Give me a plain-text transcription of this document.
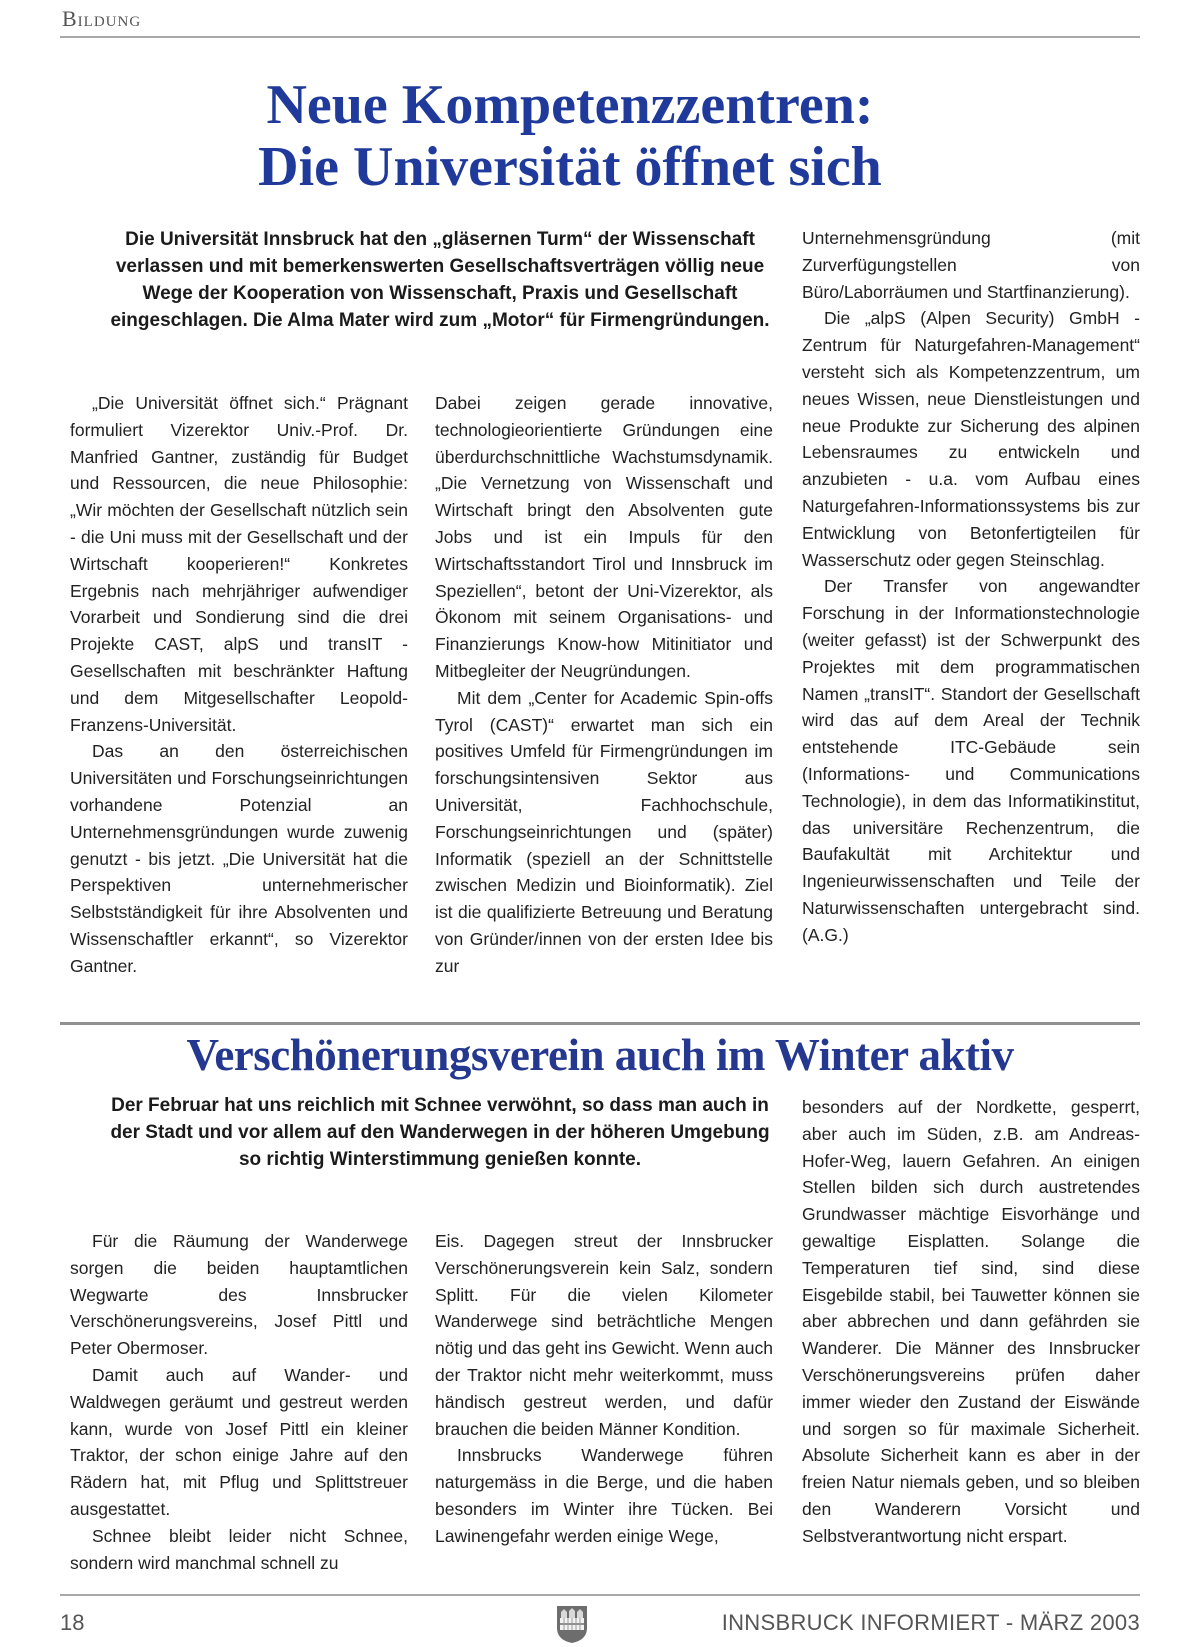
Bildung
Neue Kompetenzzentren:
Die Universität öffnet sich
Die Universität Innsbruck hat den „gläsernen Turm“ der Wissenschaft verlassen und mit bemerkenswerten Gesellschaftsverträgen völlig neue Wege der Kooperation von Wissenschaft, Praxis und Gesellschaft eingeschlagen. Die Alma Mater wird zum „Motor“ für Firmengründungen.

„Die Universität öffnet sich.“ Prägnant formuliert Vizerektor Univ.-Prof. Dr. Manfried Gantner, zuständig für Budget und Ressourcen, die neue Philosophie: „Wir möchten der Gesellschaft nützlich sein - die Uni muss mit der Gesellschaft und der Wirtschaft kooperieren!“ Konkretes Ergebnis nach mehrjähriger aufwendiger Vorarbeit und Sondierung sind die drei Projekte CAST, alpS und transIT - Gesellschaften mit beschränkter Haftung und dem Mitgesellschafter Leopold-Franzens-Universität.

Das an den österreichischen Universitäten und Forschungseinrichtungen vorhandene Potenzial an Unternehmensgründungen wurde zuwenig genutzt - bis jetzt. „Die Universität hat die Perspektiven unternehmerischer Selbstständigkeit für ihre Absolventen und Wissenschaftler erkannt“, so Vizerektor Gantner.

Dabei zeigen gerade innovative, technologieorientierte Gründungen eine überdurchschnittliche Wachstumsdynamik. „Die Vernetzung von Wissenschaft und Wirtschaft bringt den Absolventen gute Jobs und ist ein Impuls für den Wirtschaftsstandort Tirol und Innsbruck im Speziellen“, betont der Uni-Vizerektor, als Ökonom mit seinem Organisations- und Finanzierungs Know-how Mitinitiator und Mitbegleiter der Neugründungen.

Mit dem „Center for Academic Spin-offs Tyrol (CAST)“ erwartet man sich ein positives Umfeld für Firmengründungen im forschungsintensiven Sektor aus Universität, Fachhochschule, Forschungseinrichtungen und (später) Informatik (speziell an der Schnittstelle zwischen Medizin und Bioinformatik). Ziel ist die qualifizierte Betreuung und Beratung von Gründer/innen von der ersten Idee bis zur

Unternehmensgründung (mit Zurverfügungstellen von Büro/Laborräumen und Startfinanzierung).

Die „alpS (Alpen Security) GmbH - Zentrum für Naturgefahren-Management“ versteht sich als Kompetenzzentrum, um neues Wissen, neue Dienstleistungen und neue Produkte zur Sicherung des alpinen Lebensraumes zu entwickeln und anzubieten - u.a. vom Aufbau eines Naturgefahren-Informationssystems bis zur Entwicklung von Betonfertigteilen für Wasserschutz oder gegen Steinschlag.

Der Transfer von angewandter Forschung in der Informationstechnologie (weiter gefasst) ist der Schwerpunkt des Projektes mit dem programmatischen Namen „transIT“. Standort der Gesellschaft wird das auf dem Areal der Technik entstehende ITC-Gebäude sein (Informations- und Communications Technologie), in dem das Informatikinstitut, das universitäre Rechenzentrum, die Baufakultät mit Architektur und Ingenieurwissenschaften und Teile der Naturwissenschaften untergebracht sind. (A.G.)

Verschönerungsverein auch im Winter aktiv
Der Februar hat uns reichlich mit Schnee verwöhnt, so dass man auch in der Stadt und vor allem auf den Wanderwegen in der höheren Umgebung so richtig Winterstimmung genießen konnte.

Für die Räumung der Wanderwege sorgen die beiden hauptamtlichen Wegwarte des Innsbrucker Verschönerungsvereins, Josef Pittl und Peter Obermoser.

Damit auch auf Wander- und Waldwegen geräumt und gestreut werden kann, wurde von Josef Pittl ein kleiner Traktor, der schon einige Jahre auf den Rädern hat, mit Pflug und Splittstreuer ausgestattet.

Schnee bleibt leider nicht Schnee, sondern wird manchmal schnell zu

Eis. Dagegen streut der Innsbrucker Verschönerungsverein kein Salz, sondern Splitt. Für die vielen Kilometer Wanderwege sind beträchtliche Mengen nötig und das geht ins Gewicht. Wenn auch der Traktor nicht mehr weiterkommt, muss händisch gestreut werden, und dafür brauchen die beiden Männer Kondition.

Innsbrucks Wanderwege führen naturgemäss in die Berge, und die haben besonders im Winter ihre Tücken. Bei Lawinengefahr werden einige Wege,

besonders auf der Nordkette, gesperrt, aber auch im Süden, z.B. am Andreas-Hofer-Weg, lauern Gefahren. An einigen Stellen bilden sich durch austretendes Grundwasser mächtige Eisvorhänge und gewaltige Eisplatten. Solange die Temperaturen tief sind, sind diese Eisgebilde stabil, bei Tauwetter können sie aber abbrechen und dann gefährden sie Wanderer. Die Männer des Innsbrucker Verschönerungsvereins prüfen daher immer wieder den Zustand der Eiswände und sorgen so für maximale Sicherheit. Absolute Sicherheit kann es aber in der freien Natur niemals geben, und so bleiben den Wanderern Vorsicht und Selbstverantwortung nicht erspart.

18	INNSBRUCK INFORMIERT - MÄRZ 2003
